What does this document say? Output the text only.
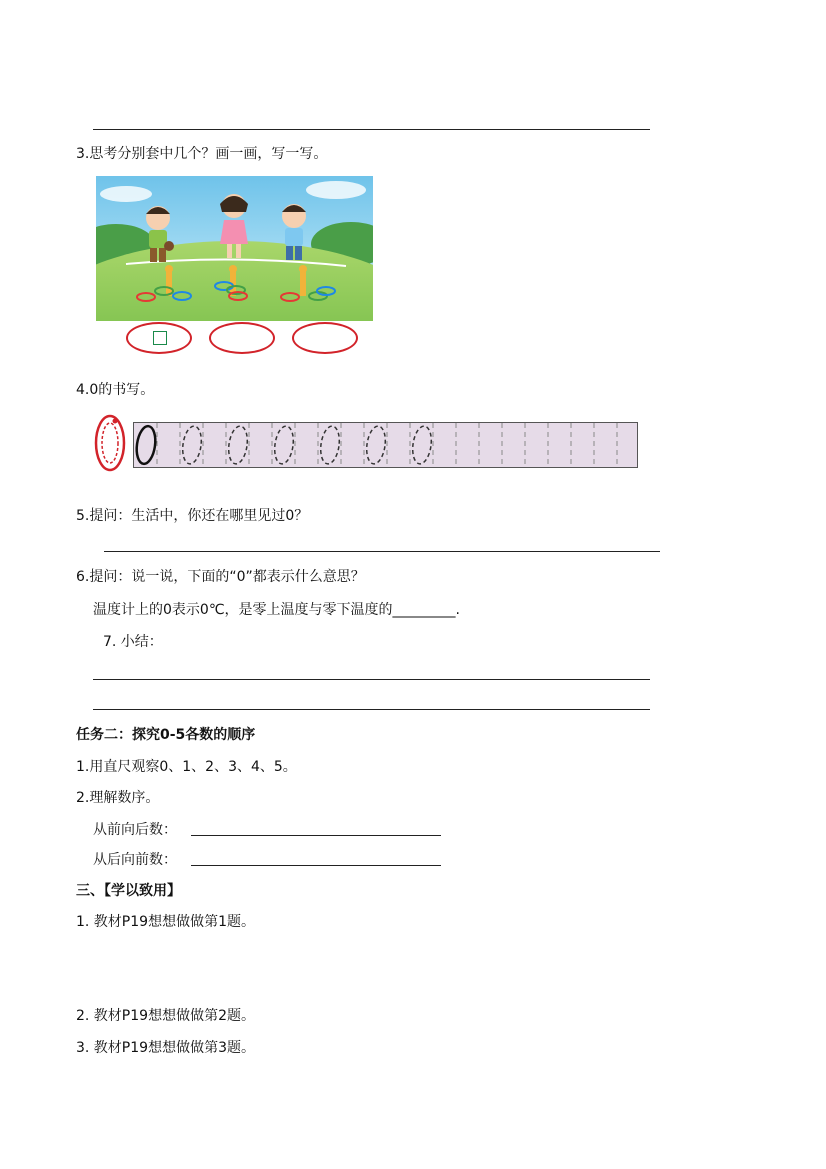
3.思考分别套中几个？画一画，写一写。
4.0的书写。
5.提问：生活中，你还在哪里见过0？
6.提问：说一说，下面的“0”都表示什么意思？
温度计上的0表示0℃，是零上温度与零下温度的_________.
7. 小结：
任务二：探究0-5各数的顺序
1.用直尺观察0、1、2、3、4、5。
2.理解数序。
从前向后数：
从后向前数：
三、【学以致用】
1. 教材P19想想做做第1题。
2. 教材P19想想做做第2题。
3. 教材P19想想做做第3题。
